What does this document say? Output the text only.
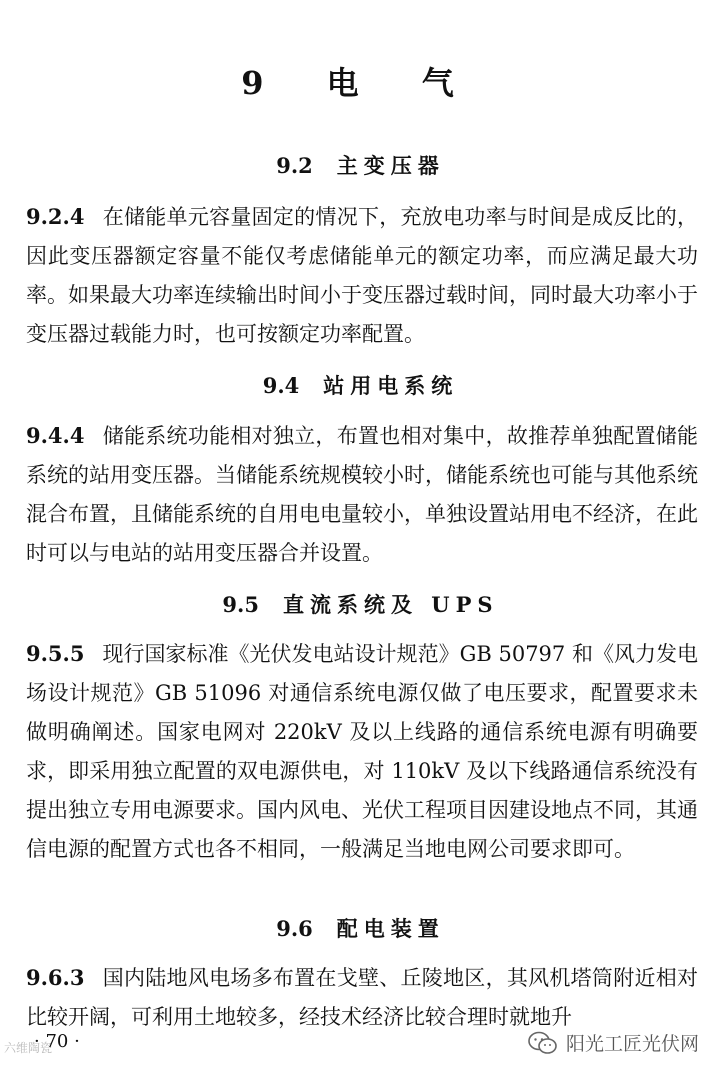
9 电 气
9.2 主变压器
9.2.4 在储能单元容量固定的情况下，充放电功率与时间是成反比的，因此变压器额定容量不能仅考虑储能单元的额定功率，而应满足最大功率。如果最大功率连续输出时间小于变压器过载时间，同时最大功率小于变压器过载能力时，也可按额定功率配置。
9.4 站用电系统
9.4.4 储能系统功能相对独立，布置也相对集中，故推荐单独配置储能系统的站用变压器。当储能系统规模较小时，储能系统也可能与其他系统混合布置，且储能系统的自用电电量较小，单独设置站用电不经济，在此时可以与电站的站用变压器合并设置。
9.5 直流系统及 UPS
9.5.5 现行国家标准《光伏发电站设计规范》GB 50797 和《风力发电场设计规范》GB 51096 对通信系统电源仅做了电压要求，配置要求未做明确阐述。国家电网对 220kV 及以上线路的通信系统电源有明确要求，即采用独立配置的双电源供电，对 110kV 及以下线路通信系统没有提出独立专用电源要求。国内风电、光伏工程项目因建设地点不同，其通信电源的配置方式也各不相同，一般满足当地电网公司要求即可。
9.6 配电装置
9.6.3 国内陆地风电场多布置在戈壁、丘陵地区，其风机塔筒附近相对比较开阔，可利用土地较多，经技术经济比较合理时就地升
六维陶瓷
· 70 ·	阳光工匠光伏网
